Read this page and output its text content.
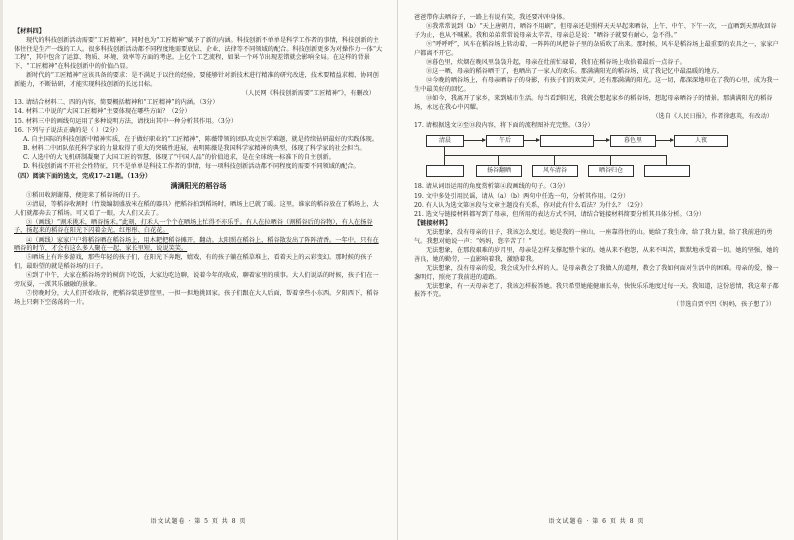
【材料四】

现代的科技创新活动需要“工匠精神”，同时也为“工匠精神”赋予了新的内涵。科技创新不单单是科学工作者的事情，科技创新的主体往往是生产一线的工人。很多科技创新活动都不同程度地需要底层、企业、法律等不同领域的配合。科技创新更多为对操作力一体“大工程”，其中包含了运算、物质、环境、效率等方面的考虑。上亿个工艺流程，如果一个环节出现差错就会影响全局。在这样的背景下，“工匠精神”在科技创新中的价值凸显。

新时代的“工匠精神”应该具备的要求：是不满足于以往的经验，要能够针对新技术进行精准的研究改进，技术要精益求精、协同创新能力，不断钻研，才能实现科技创新的长远目标。

（人民网《科技创新需要“工匠精神”》，有删改）

13. 请结合材料二、四的内容，简要概括精神和“工匠精神”的内涵。（3分）

14. 材料二中说的“大国工匠精神”主要体现在哪些方面？（2分）

15. 材料三中的画线句运用了多种说明方法，请找出其中一种分析其作用。（3分）

16. 下列与子说法正确的是（ ）（2分）

A. 自主国际的科技创新中精神实质，在于做好职业的“工匠精神”，陈薇带领的团队攻克医学难题，就是持续钻研最好的实践体现。

B. 材料二中团队依托科学家的力量取得了重大的突破性进展，表明陈薇是我国科学家精神的典型，体现了科学家的社会担当。

C. 人选中的大飞机研制凝聚了大国工匠的智慧，体现了“中国人品”的价值追求，是在全球统一标准下的自主创新。

D. 科技创新离不开社会性特征，只不是单单是科技工作者的事情，每一项科技创新活动都不同程度的需要不同领域的配合。

（四）阅读下面的选文，完成17–21题。（13分）

满满阳光的稻谷场

①稻田收割谢幕，便迎来了稻谷场的日子。

②清晨，等稻谷收割时（竹篾编制盛放米在稻的器具）把稻谷拍到稻场时，晒场上已就了暖。这里，谁家的稻谷放在了稻场上，大人们就都奔去了稻场。可又看了一眼，大人们又去了。

③（画线）“割禾挑禾，晒谷扬禾。”此刻，打禾人一个个在晒场上忙得不亦乐乎。有人在拉晒谷（割稻谷后的谷物），有人在扬谷子，扬起来的稻谷在阳光下闪着金光，红彤彤、白花花。

④（画线）家家户户将稻谷晒在稻谷场上，用木耙把稻谷摊开，翻动。太阳照在稻谷上，稻谷散发出了阵阵清香。一年中，只有在晒谷的时节，才会有这么多人聚在一起，家长里短，说说笑笑。

⑤晒场上有许多游戏，那些年轻的孩子们，在阳光下奔跑，嬉戏，有的孩子躺在稻草堆上，看着天上的云彩变幻。那时候的孩子们，最盼望的就是稻谷场的日子。

⑥到了中午，大家在稻谷场旁的树荫下吃饭，大家边吃边聊，说着今年的收成，聊着家里的琐事。大人们说话的时候，孩子们在一旁玩耍，一派其乐融融的景象。

⑦傍晚时分，大人们开始收谷，把稻谷装进箩筐里，一担一担地挑回家。孩子们跟在大人后面，帮着拿些小东西。夕阳西下，稻谷场上只剩下空荡荡的一片。

语文试题卷 · 第 5 页 共 8 页

爸爸带你去晒谷子，一路上有说有笑，我还要冲冲身体。

⑧我常常说到（b）“天上唐朝月，晒谷不用刷”，但母亲还是照样天天早起来晒谷，上午、中午、下午一次，一直晒到天黑收回谷子为止，也从不喊累。我和弟弟常常说母亲太辛苦，母亲总是说：“晒谷子就要有耐心，急不得。”

⑨“呼呼呼”，风车在稻谷场上转动着，一阵阵的风把谷子里的杂质吹了出来。那时候，风车是稻谷场上最重要的农具之一，家家户户都离不开它。

⑩暮色里，炊烟在晚风里袅袅升起，母亲在灶前忙碌着，我们在稻谷场上收拾着最后一点谷子。

⑪这一晒，母亲的稻谷晒干了，也晒出了一家人的欢乐。那满满阳光的稻谷场，成了我记忆中最温暖的地方。

⑫今晚的晒谷场上，有母亲晒谷子的身影，有孩子们的欢笑声，还有那满满的阳光。这一切，都深深地印在了我的心里，成为我一生中最美好的回忆。

⑬如今，我离开了家乡，来到城市生活。每当看到阳光，我就会想起家乡的稻谷场，想起母亲晒谷子的情景。那满满阳光的稻谷场，永远在我心中闪耀。

（选自《人民日报》，作者徐惠英，有改动）

17. 请根据选文②至⑬段内容，将下面的流程图补充完整。（3分）

清晨	午后	暮色里	人夜
扬谷翻晒	风车清谷	晒谷归仓

18. 请从词语运用的角度赏析第④段画线的句子。（3分）

19. 文中多处引用民谣，请从（a）（b）两句中任选一句，分析其作用。（2分）

20. 有人认为选文第⑩段与文章主题没有关系，你对此有什么看法？为什么？（2分）

21. 选文与链接材料都写到了母亲，但所用的表达方式不同，请结合链接材料简要分析其具体分析。（3分）

【链接材料】

无法想象，没有母亲的日子，我该怎么度过。她是我的一座山，一座靠得住的山。她给了我生命，给了我力量，给了我前进的勇气。我想对她说一声：“妈妈，您辛苦了！”

无法想象，在那段艰难的岁月里，母亲是怎样支撑起整个家的。她从来不抱怨，从来不叫苦，默默地承受着一切。她的坚强，她的善良，她的勤劳，一直影响着我，激励着我。

无法想象，没有母亲的爱，我会成为什么样的人。是母亲教会了我做人的道理，教会了我如何面对生活中的困难。母亲的爱，像一盏明灯，照亮了我前进的道路。

无法想象，有一天母亲老了，我该怎样报答她。我只希望她能健康长寿，快快乐乐地度过每一天。我知道，这份恩情，我这辈子都报答不完。

（节选自贾平凹《妈妈，孩子想了》）

语文试题卷 · 第 6 页 共 8 页
